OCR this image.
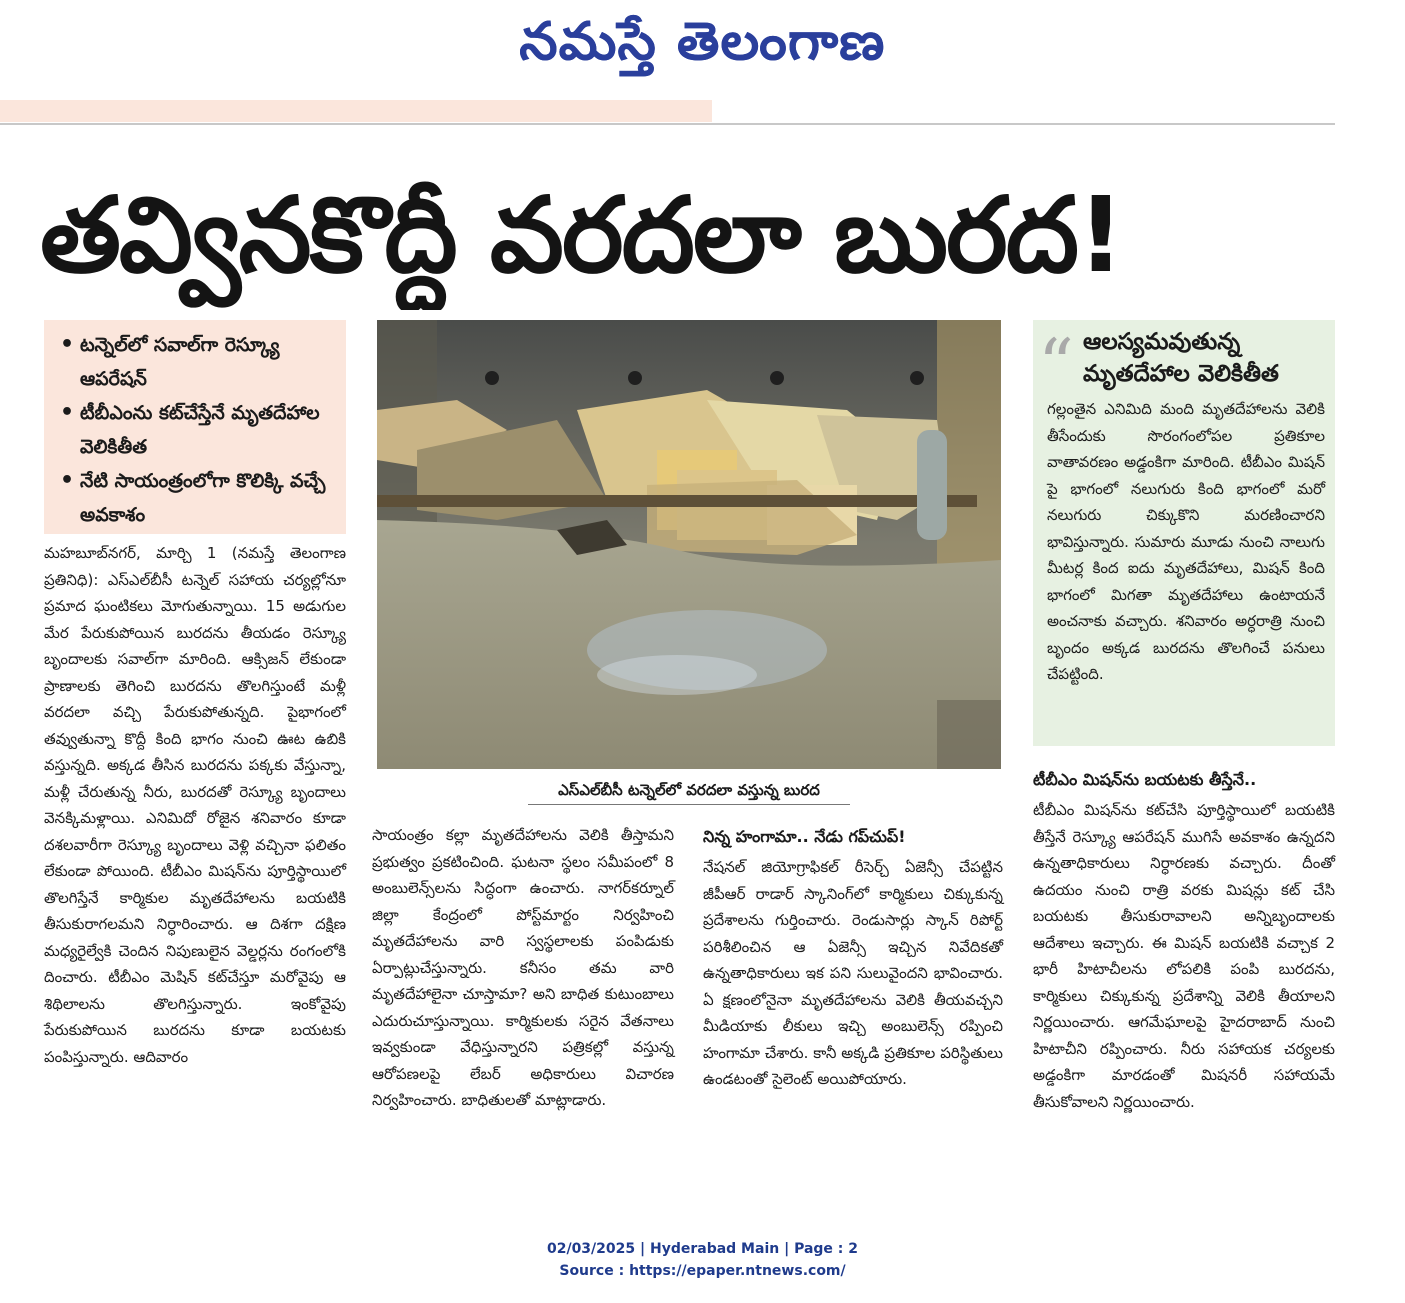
నమస్తే తెలంగాణ
తవ్వినకొద్దీ వరదలా బురద!
• టన్నెల్‌లో సవాల్‌గా రెస్క్యూ ఆపరేషన్‌
• టీబీఎంను కట్‌చేస్తేనే మృతదేహాల వెలికితీత
• నేటి సాయంత్రంలోగా కొలిక్కి వచ్చే అవకాశం
ఎస్‌ఎల్‌బీసీ టన్నెల్‌లో వరదలా వస్తున్న బురద
ఆలస్యమవుతున్న మృతదేహాల వెలికితీత
గల్లంతైన ఎనిమిది మంది మృతదేహాలను వెలికి తీసేందుకు సొరంగంలోపల ప్రతికూల వాతావరణం అడ్డంకిగా మారింది. టీబీఎం మిషన్‌ పై భాగంలో నలుగురు కింది భాగంలో మరో నలుగురు చిక్కుకొని మరణించారని భావిస్తున్నారు. సుమారు మూడు నుంచి నాలుగు మీటర్ల కింద ఐదు మృతదేహాలు, మిషన్‌ కింది భాగంలో మిగతా మృతదేహాలు ఉంటాయనే అంచనాకు వచ్చారు. శనివారం అర్ధరాత్రి నుంచి బృందం అక్కడ బురదను తొలగించే పనులు చేపట్టింది.
“
మహబూబ్‌నగర్‌, మార్చి 1 (నమస్తే తెలంగాణ ప్రతినిధి): ఎస్‌ఎల్‌బీసీ టన్నెల్‌ సహాయ చర్యల్లోనూ ప్రమాద ఘంటికలు మోగుతున్నాయి. 15 అడుగుల మేర పేరుకుపోయిన బురదను తీయడం రెస్క్యూ బృందాలకు సవాల్‌గా మారింది. ఆక్సిజన్‌ లేకుండా ప్రాణాలకు తెగించి బురదను తొలగిస్తుంటే మళ్లీ వరదలా వచ్చి పేరుకుపోతున్నది. పైభాగంలో తవ్వుతున్నా కొద్దీ కింది భాగం నుంచి ఊట ఉబికి వస్తున్నది. అక్కడ తీసిన బురదను పక్కకు వేస్తున్నా, మళ్లీ చేరుతున్న నీరు, బురదతో రెస్క్యూ బృందాలు వెనక్కిమళ్లాయి. ఎనిమిదో రోజైన శనివారం కూడా దశలవారీగా రెస్క్యూ బృందాలు వెళ్లి వచ్చినా ఫలితం లేకుండా పోయింది. టీబీఎం మిషన్‌ను పూర్తిస్థాయిలో తొలగిస్తేనే కార్మికుల మృతదేహాలను బయటికి తీసుకురాగలమని నిర్ధారించారు. ఆ దిశగా దక్షిణ మధ్యరైల్వేకి చెందిన నిపుణులైన వెల్డర్లను రంగంలోకి దించారు. టీబీఎం మెషిన్‌ కట్‌చేస్తూ మరోవైపు ఆ శిథిలాలను తొలగిస్తున్నారు. ఇంకోవైపు పేరుకుపోయిన బురదను కూడా బయటకు పంపిస్తున్నారు. ఆదివారం
సాయంత్రం కల్లా మృతదేహాలను వెలికి తీస్తామని ప్రభుత్వం ప్రకటించింది. ఘటనా స్థలం సమీపంలో 8 అంబులెన్స్‌లను సిద్ధంగా ఉంచారు. నాగర్‌కర్నూల్‌ జిల్లా కేంద్రంలో పోస్ట్‌మార్టం నిర్వహించి మృతదేహాలను వారి స్వస్థలాలకు పంపిడుకు ఏర్పాట్లుచేస్తున్నారు. కనీసం తమ వారి మృతదేహాలైనా చూస్తామా? అని బాధిత కుటుంబాలు ఎదురుచూస్తున్నాయి. కార్మికులకు సరైన వేతనాలు ఇవ్వకుండా వేధిస్తున్నారని పత్రికల్లో వస్తున్న ఆరోపణలపై లేబర్‌ అధికారులు విచారణ నిర్వహించారు. బాధితులతో మాట్లాడారు.
నిన్న హంగామా.. నేడు గప్‌చుప్‌!
నేషనల్‌ జియోగ్రాఫికల్‌ రీసెర్చ్‌ ఏజెన్సీ చేపట్టిన జీపీఆర్‌ రాడార్‌ స్కానింగ్‌లో కార్మికులు చిక్కుకున్న ప్రదేశాలను గుర్తించారు. రెండుసార్లు స్కాన్‌ రిపోర్ట్‌ పరిశీలించిన ఆ ఏజెన్సీ ఇచ్చిన నివేదికతో ఉన్నతాధికారులు ఇక పని సులువైందని భావించారు. ఏ క్షణంలోనైనా మృతదేహాలను వెలికి తీయవచ్చని మీడియాకు లీకులు ఇచ్చి అంబులెన్స్‌ రప్పించి హంగామా చేశారు. కానీ అక్కడి ప్రతికూల పరిస్థితులు ఉండటంతో సైలెంట్‌ అయిపోయారు.
టీబీఎం మిషన్‌ను బయటకు తీస్తేనే..
టీబీఎం మిషన్‌ను కట్‌చేసి పూర్తిస్థాయిలో బయటికి తీస్తేనే రెస్క్యూ ఆపరేషన్‌ ముగిసే అవకాశం ఉన్నదని ఉన్నతాధికారులు నిర్ధారణకు వచ్చారు. దీంతో ఉదయం నుంచి రాత్రి వరకు మిషన్లు కట్‌ చేసి బయటకు తీసుకురావాలని అన్నిబృందాలకు ఆదేశాలు ఇచ్చారు. ఈ మిషన్‌ బయటికి వచ్చాక 2 భారీ హిటాచీలను లోపలికి పంపి బురదను, కార్మికులు చిక్కుకున్న ప్రదేశాన్ని వెలికి తీయాలని నిర్ణయించారు. ఆగమేఘాలపై హైదరాబాద్‌ నుంచి హిటాచీని రప్పించారు. నీరు సహాయక చర్యలకు అడ్డంకిగా మారడంతో మిషనరీ సహాయమే తీసుకోవాలని నిర్ణయించారు.
02/03/2025 | Hyderabad Main | Page : 2
Source : https://epaper.ntnews.com/
